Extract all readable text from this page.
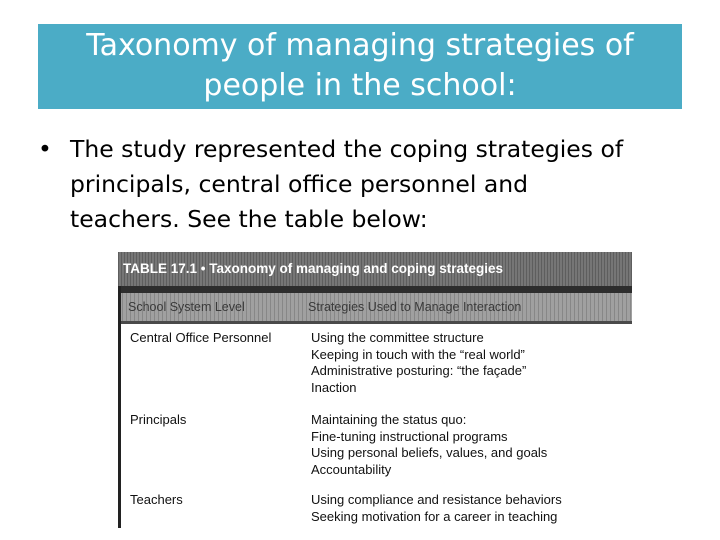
Taxonomy of managing strategies of
people in the school:
• The study represented the coping strategies of
principals, central office personnel and
teachers. See the table below:
TABLE 17.1 • Taxonomy of managing and coping strategies
School System Level	Strategies Used to Manage Interaction
Central Office Personnel	Using the committee structure
Keeping in touch with the “real world”
Administrative posturing: “the façade”
Inaction
Principals	Maintaining the status quo:
Fine-tuning instructional programs
Using personal beliefs, values, and goals
Accountability
Teachers	Using compliance and resistance behaviors
Seeking motivation for a career in teaching
